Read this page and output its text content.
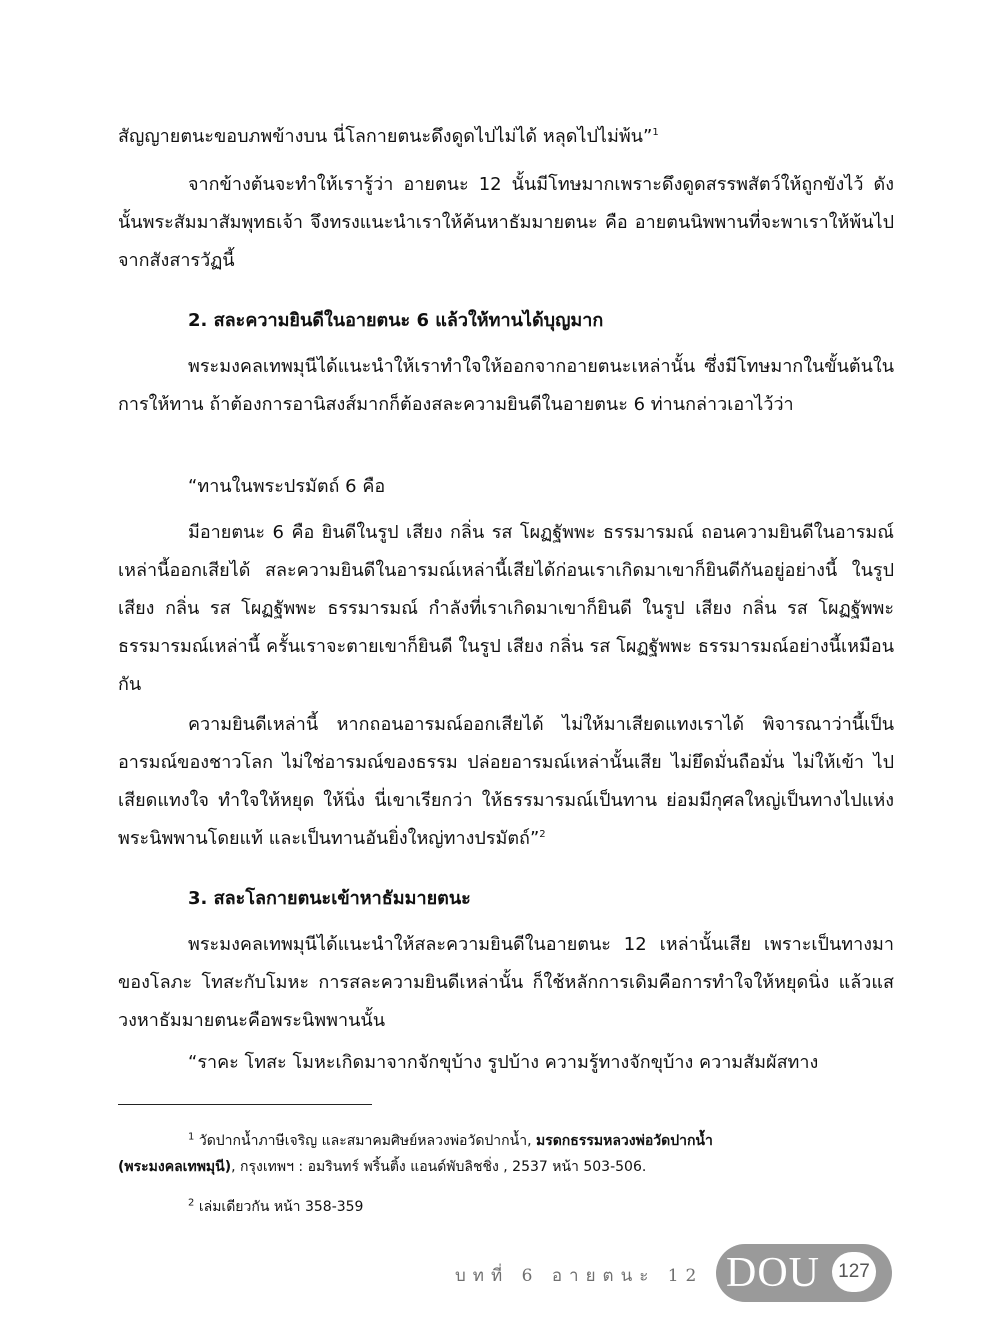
สัญญายตนะขอบภพข้างบน นี่โลกายตนะดึงดูดไปไม่ได้ หลุดไปไม่พ้น”$^1$

จากข้างต้นจะทำให้เรารู้ว่า อายตนะ 12 นั้นมีโทษมากเพราะดึงดูดสรรพสัตว์ให้ถูกขังไว้ ดังนั้นพระสัมมาสัมพุทธเจ้า จึงทรงแนะนำเราให้ค้นหาธัมมายตนะ คือ อายตนนิพพานที่จะพาเราให้พ้นไปจากสังสารวัฏนี้

2. สละความยินดีในอายตนะ 6 แล้วให้ทานได้บุญมาก

พระมงคลเทพมุนีได้แนะนำให้เราทำใจให้ออกจากอายตนะเหล่านั้น ซึ่งมีโทษมากในขั้นต้นในการให้ทาน ถ้าต้องการอานิสงส์มากก็ต้องสละความยินดีในอายตนะ 6 ท่านกล่าวเอาไว้ว่า

“ทานในพระปรมัตถ์ 6 คือ

มีอายตนะ 6 คือ ยินดีในรูป เสียง กลิ่น รส โผฏฐัพพะ ธรรมารมณ์ ถอนความยินดีในอารมณ์เหล่านี้ออกเสียได้ สละความยินดีในอารมณ์เหล่านี้เสียได้ก่อนเราเกิดมาเขาก็ยินดีกันอยู่อย่างนี้ ในรูป เสียง กลิ่น รส โผฏฐัพพะ ธรรมารมณ์ กำลังที่เราเกิดมาเขาก็ยินดี ในรูป เสียง กลิ่น รส โผฏฐัพพะ ธรรมารมณ์เหล่านี้ ครั้นเราจะตายเขาก็ยินดี ในรูป เสียง กลิ่น รส โผฏฐัพพะ ธรรมารมณ์อย่างนี้เหมือนกัน

ความยินดีเหล่านี้ หากถอนอารมณ์ออกเสียได้ ไม่ให้มาเสียดแทงเราได้ พิจารณาว่านี้เป็นอารมณ์ของชาวโลก ไม่ใช่อารมณ์ของธรรม ปล่อยอารมณ์เหล่านั้นเสีย ไม่ยึดมั่นถือมั่น ไม่ให้เข้า ไปเสียดแทงใจ ทำใจให้หยุด ให้นิ่ง นี่เขาเรียกว่า ให้ธรรมารมณ์เป็นทาน ย่อมมีกุศลใหญ่เป็นทางไปแห่งพระนิพพานโดยแท้ และเป็นทานอันยิ่งใหญ่ทางปรมัตถ์”$^2$

3. สละโลกายตนะเข้าหาธัมมายตนะ

พระมงคลเทพมุนีได้แนะนำให้สละความยินดีในอายตนะ 12 เหล่านั้นเสีย เพราะเป็นทางมาของโลภะ โทสะกับโมหะ การสละความยินดีเหล่านั้น ก็ใช้หลักการเดิมคือการทำใจให้หยุดนิ่ง แล้วแสวงหาธัมมายตนะคือพระนิพพานนั้น

“ราคะ โทสะ โมหะเกิดมาจากจักขุบ้าง รูปบ้าง ความรู้ทางจักขุบ้าง ความสัมผัสทาง

$^1$ วัดปากน้ำภาษีเจริญ และสมาคมศิษย์หลวงพ่อวัดปากน้ำ, มรดกธรรมหลวงพ่อวัดปากน้ำ
(พระมงคลเทพมุนี), กรุงเทพฯ : อมรินทร์ พริ้นติ้ง แอนด์พับลิชชิ่ง , 2537 หน้า 503-506.

$^2$ เล่มเดียวกัน หน้า 358-359

บทที่ 6 อายตนะ 12 DOU 127
